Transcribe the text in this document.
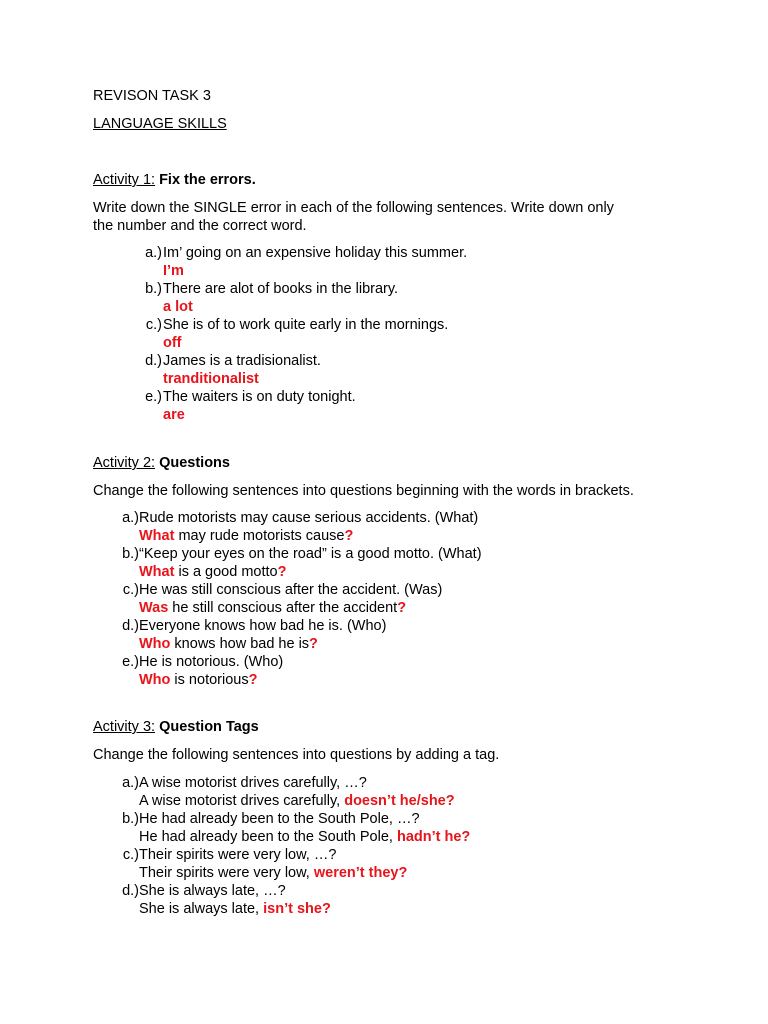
REVISON TASK 3
LANGUAGE SKILLS
Activity 1: Fix the errors.
Write down the SINGLE error in each of the following sentences. Write down only
the number and the correct word.
a.) Im’ going on an expensive holiday this summer.
I’m
b.) There are alot of books in the library.
a lot
c.) She is of to work quite early in the mornings.
off
d.) James is a tradisionalist.
tranditionalist
e.) The waiters is on duty tonight.
are
Activity 2: Questions
Change the following sentences into questions beginning with the words in brackets.
a.) Rude motorists may cause serious accidents. (What)
What may rude motorists cause?
b.) “Keep your eyes on the road” is a good motto. (What)
What is a good motto?
c.) He was still conscious after the accident. (Was)
Was he still conscious after the accident?
d.) Everyone knows how bad he is. (Who)
Who knows how bad he is?
e.) He is notorious. (Who)
Who is notorious?
Activity 3: Question Tags
Change the following sentences into questions by adding a tag.
a.) A wise motorist drives carefully, …?
A wise motorist drives carefully, doesn’t he/she?
b.) He had already been to the South Pole, …?
He had already been to the South Pole, hadn’t he?
c.) Their spirits were very low, …?
Their spirits were very low, weren’t they?
d.) She is always late, …?
She is always late, isn’t she?
